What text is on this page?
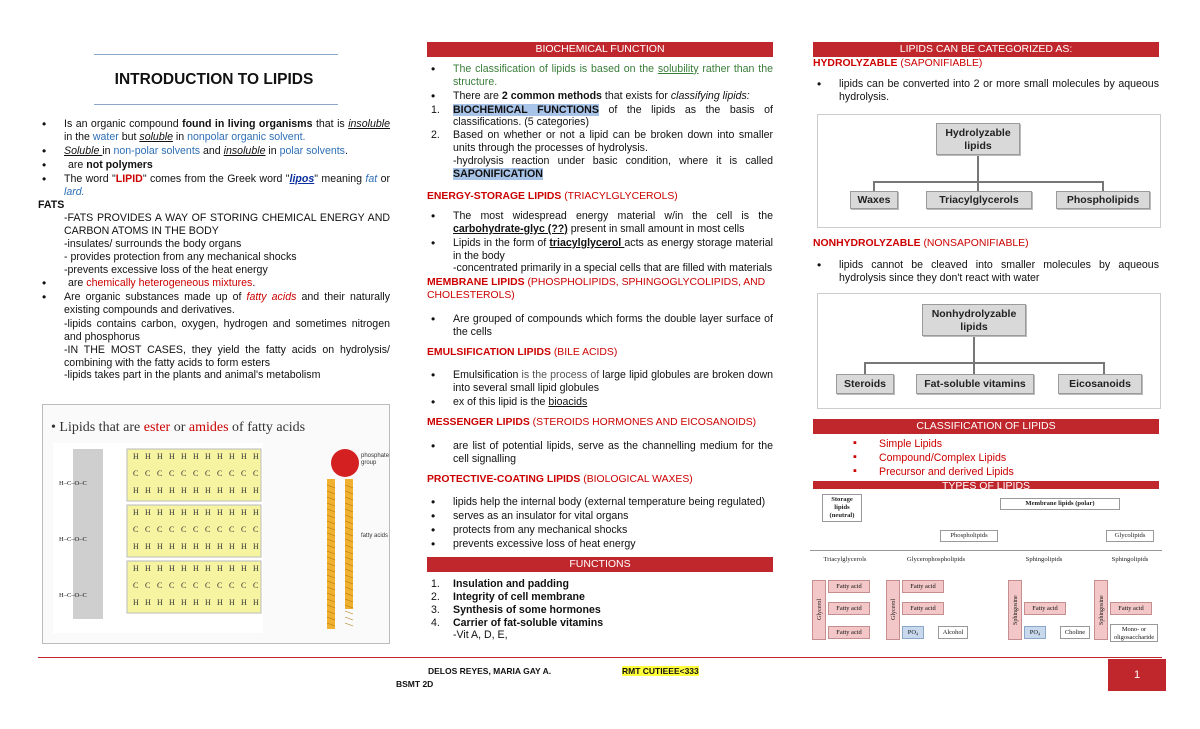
INTRODUCTION TO LIPIDS
• Is an organic compound found in living organisms that is insoluble in the water but soluble in nonpolar organic solvent.
• Soluble in non-polar solvents and insoluble in polar solvents.
• are not polymers
• The word "LIPID" comes from the Greek word "lipos" meaning fat or lard.
FATS
-FATS PROVIDES A WAY OF STORING CHEMICAL ENERGY AND CARBON ATOMS IN THE BODY
-insulates/ surrounds the body organs
- provides protection from any mechanical shocks
-prevents excessive loss of the heat energy
• are chemically heterogeneous mixtures.
• Are organic substances made up of fatty acids and their naturally existing compounds and derivatives.
-lipids contains carbon, oxygen, hydrogen and sometimes nitrogen and phosphorus
-IN THE MOST CASES, they yield the fatty acids on hydrolysis/ combining with the fatty acids to form esters
-lipids takes part in the plants and animal's metabolism
• Lipids that are ester or amides of fatty acids
H
C
H
H
C
H
H
C
H
H
C
H
H
C
H
H
C
H
H
C
H
H
C
H
H
C
H
H
C
H
H
C
H
H
C
H
H
C
H
H
C
H
H
C
H
H
C
H
H
C
H
H
C
H
H
C
H
H
C
H
H
C
H
H
C
H
H
C
H
H
C
H
H
C
H
H
C
H
H
C
H
H
C
H
H
C
H
H
C
H
H
C
H
H
C
H
H
C
H
H–C–O–C
H–C–O–C
H–C–O–C
phosphate group
fatty acids
BIOCHEMICAL FUNCTION
• The classification of lipids is based on the solubility rather than the structure.
• There are 2 common methods that exists for classifying lipids:
1. BIOCHEMICAL FUNCTIONS of the lipids as the basis of classifications. (5 categories)
2. Based on whether or not a lipid can be broken down into smaller units through the processes of hydrolysis.
-hydrolysis reaction under basic condition, where it is called SAPONIFICATION
ENERGY-STORAGE LIPIDS (TRIACYLGLYCEROLS)
• The most widespread energy material w/in the cell is the carbohydrate-glyc (??) present in small amount in most cells
• Lipids in the form of triacylglycerol acts as energy storage material in the body
-concentrated primarily in a special cells that are filled with materials
MEMBRANE LIPIDS (PHOSPHOLIPIDS, SPHINGOGLYCOLIPIDS, AND CHOLESTEROLS)
• Are grouped of compounds which forms the double layer surface of the cells
EMULSIFICATION LIPIDS (BILE ACIDS)
• Emulsification is the process of large lipid globules are broken down into several small lipid globules
• ex of this lipid is the bioacids
MESSENGER LIPIDS (STEROIDS HORMONES AND EICOSANOIDS)
• are list of potential lipids, serve as the channelling medium for the cell signalling
PROTECTIVE-COATING LIPIDS (BIOLOGICAL WAXES)
• lipids help the internal body (external temperature being regulated)
• serves as an insulator for vital organs
• protects from any mechanical shocks
• prevents excessive loss of heat energy
FUNCTIONS
1. Insulation and padding
2. Integrity of cell membrane
3. Synthesis of some hormones
4. Carrier of fat-soluble vitamins
-Vit A, D, E,
LIPIDS CAN BE CATEGORIZED AS:
HYDROLYZABLE (SAPONIFIABLE)
• lipids can be converted into 2 or more small molecules by aqueous hydrolysis.
Hydrolyzable lipids
Waxes	Triacylglycerols	Phospholipids
NONHYDROLYZABLE (NONSAPONIFIABLE)
• lipids cannot be cleaved into smaller molecules by aqueous hydrolysis since they don't react with water
Nonhydrolyzable lipids
Steroids	Fat-soluble vitamins	Eicosanoids
CLASSIFICATION OF LIPIDS
▪ Simple Lipids
▪ Compound/Complex Lipids
▪ Precursor and derived Lipids
TYPES OF LIPIDS
Storage lipids (neutral)
Membrane lipids (polar)
Phospholipids	Glycolipids
Triacylglycerols	Glycerophospholipids	Sphingolipids	Sphingolipids
Glycerol
Fatty acid
Fatty acid
Fatty acid
Glycerol
Fatty acid
Fatty acid
PO₄	Alcohol
Sphingosine	Fatty acid
PO₄	Choline
Sphingosine	Fatty acid
Mono- or oligosaccharide
DELOS REYES, MARIA GAY A.	RMT CUTIEEE<333
BSMT 2D
1
